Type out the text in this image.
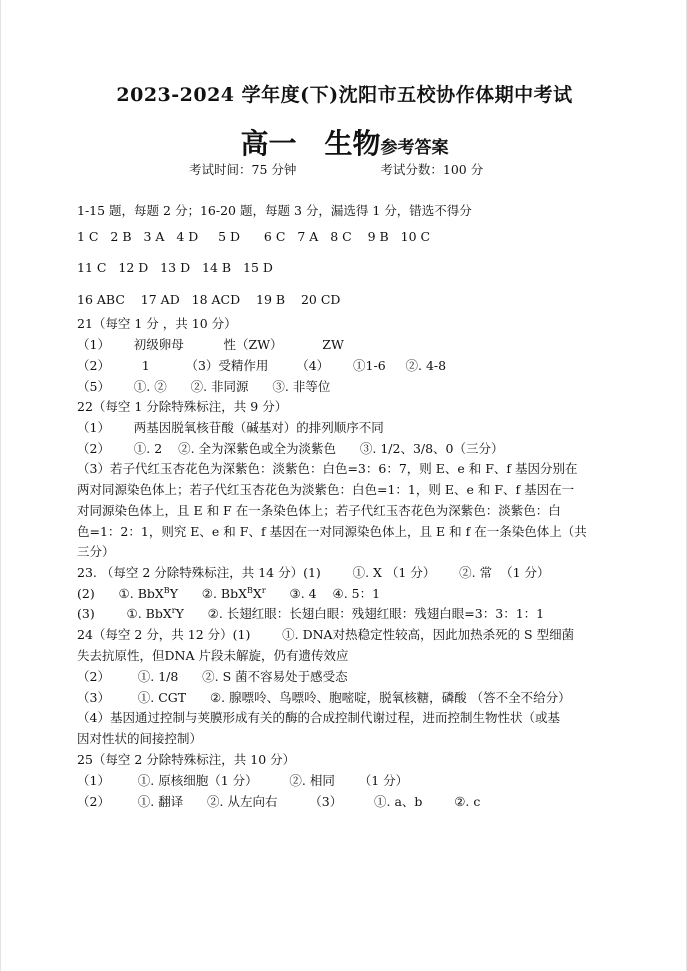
2023-2024 学年度(下)沈阳市五校协作体期中考试
高一 生物参考答案
考试时间：75 分钟	考试分数：100 分
1-15 题，每题 2 分；16-20 题，每题 3 分，漏选得 1 分，错选不得分
1 C   2 B   3 A   4 D     5 D      6 C   7 A   8 C    9 B   10 C
11 C   12 D   13 D   14 B   15 D
16 ABC    17 AD   18 ACD    19 B    20 CD
21（每空 1 分 ，共 10 分）
（1）      初级卵母          性（ZW）          ZW
（2）        1         （3）受精作用       （4）      ①1-6     ②. 4-8
（5）      ①. ②      ②. 非同源      ③. 非等位
22（每空 1 分除特殊标注，共 9 分）
（1）      两基因脱氧核苷酸（碱基对）的排列顺序不同
（2）      ①. 2    ②. 全为深紫色或全为淡紫色      ③. 1/2、3/8、0（三分）
（3）若子代红玉杏花色为深紫色：淡紫色：白色=3：6：7，则 E、e 和 F、f 基因分别在
两对同源染色体上；若子代红玉杏花色为淡紫色：白色=1：1，则 E、e 和 F、f 基因在一
对同源染色体上，且 E 和 F 在一条染色体上；若子代红玉杏花色为深紫色：淡紫色：白
色=1：2：1，则究 E、e 和 F、f 基因在一对同源染色体上，且 E 和 f 在一条染色体上（共
三分）
23. （每空 2 分除特殊标注，共 14 分）(1)        ①. X （1 分）      ②. 常  （1 分）
(2)      ①. BbX$^B$Y      ②. $BbX^BX^r$      ③. 4    ④. 5：1
(3)        ①. BbX$^r$Y      ②. 长翅红眼：长翅白眼：残翅红眼：残翅白眼=3：3：1：1
24（每空 2 分，共 12 分）(1)        ①. DNA对热稳定性较高，因此加热杀死的 S 型细菌
失去抗原性，但DNA 片段未解旋，仍有遗传效应
（2）       ①. 1/8      ②. S 菌不容易处于感受态
（3）       ①. CGT      ②. 腺嘌呤、鸟嘌呤、胞嘧啶，脱氧核糖，磷酸 （答不全不给分）
（4）基因通过控制与荚膜形成有关的酶的合成控制代谢过程，进而控制生物性状（或基
因对性状的间接控制）
25（每空 2 分除特殊标注，共 10 分）
（1）       ①. 原核细胞（1 分）        ②. 相同      （1 分）
（2）       ①. 翻译      ②. 从左向右        （3）        ①. a、b        ②. c
